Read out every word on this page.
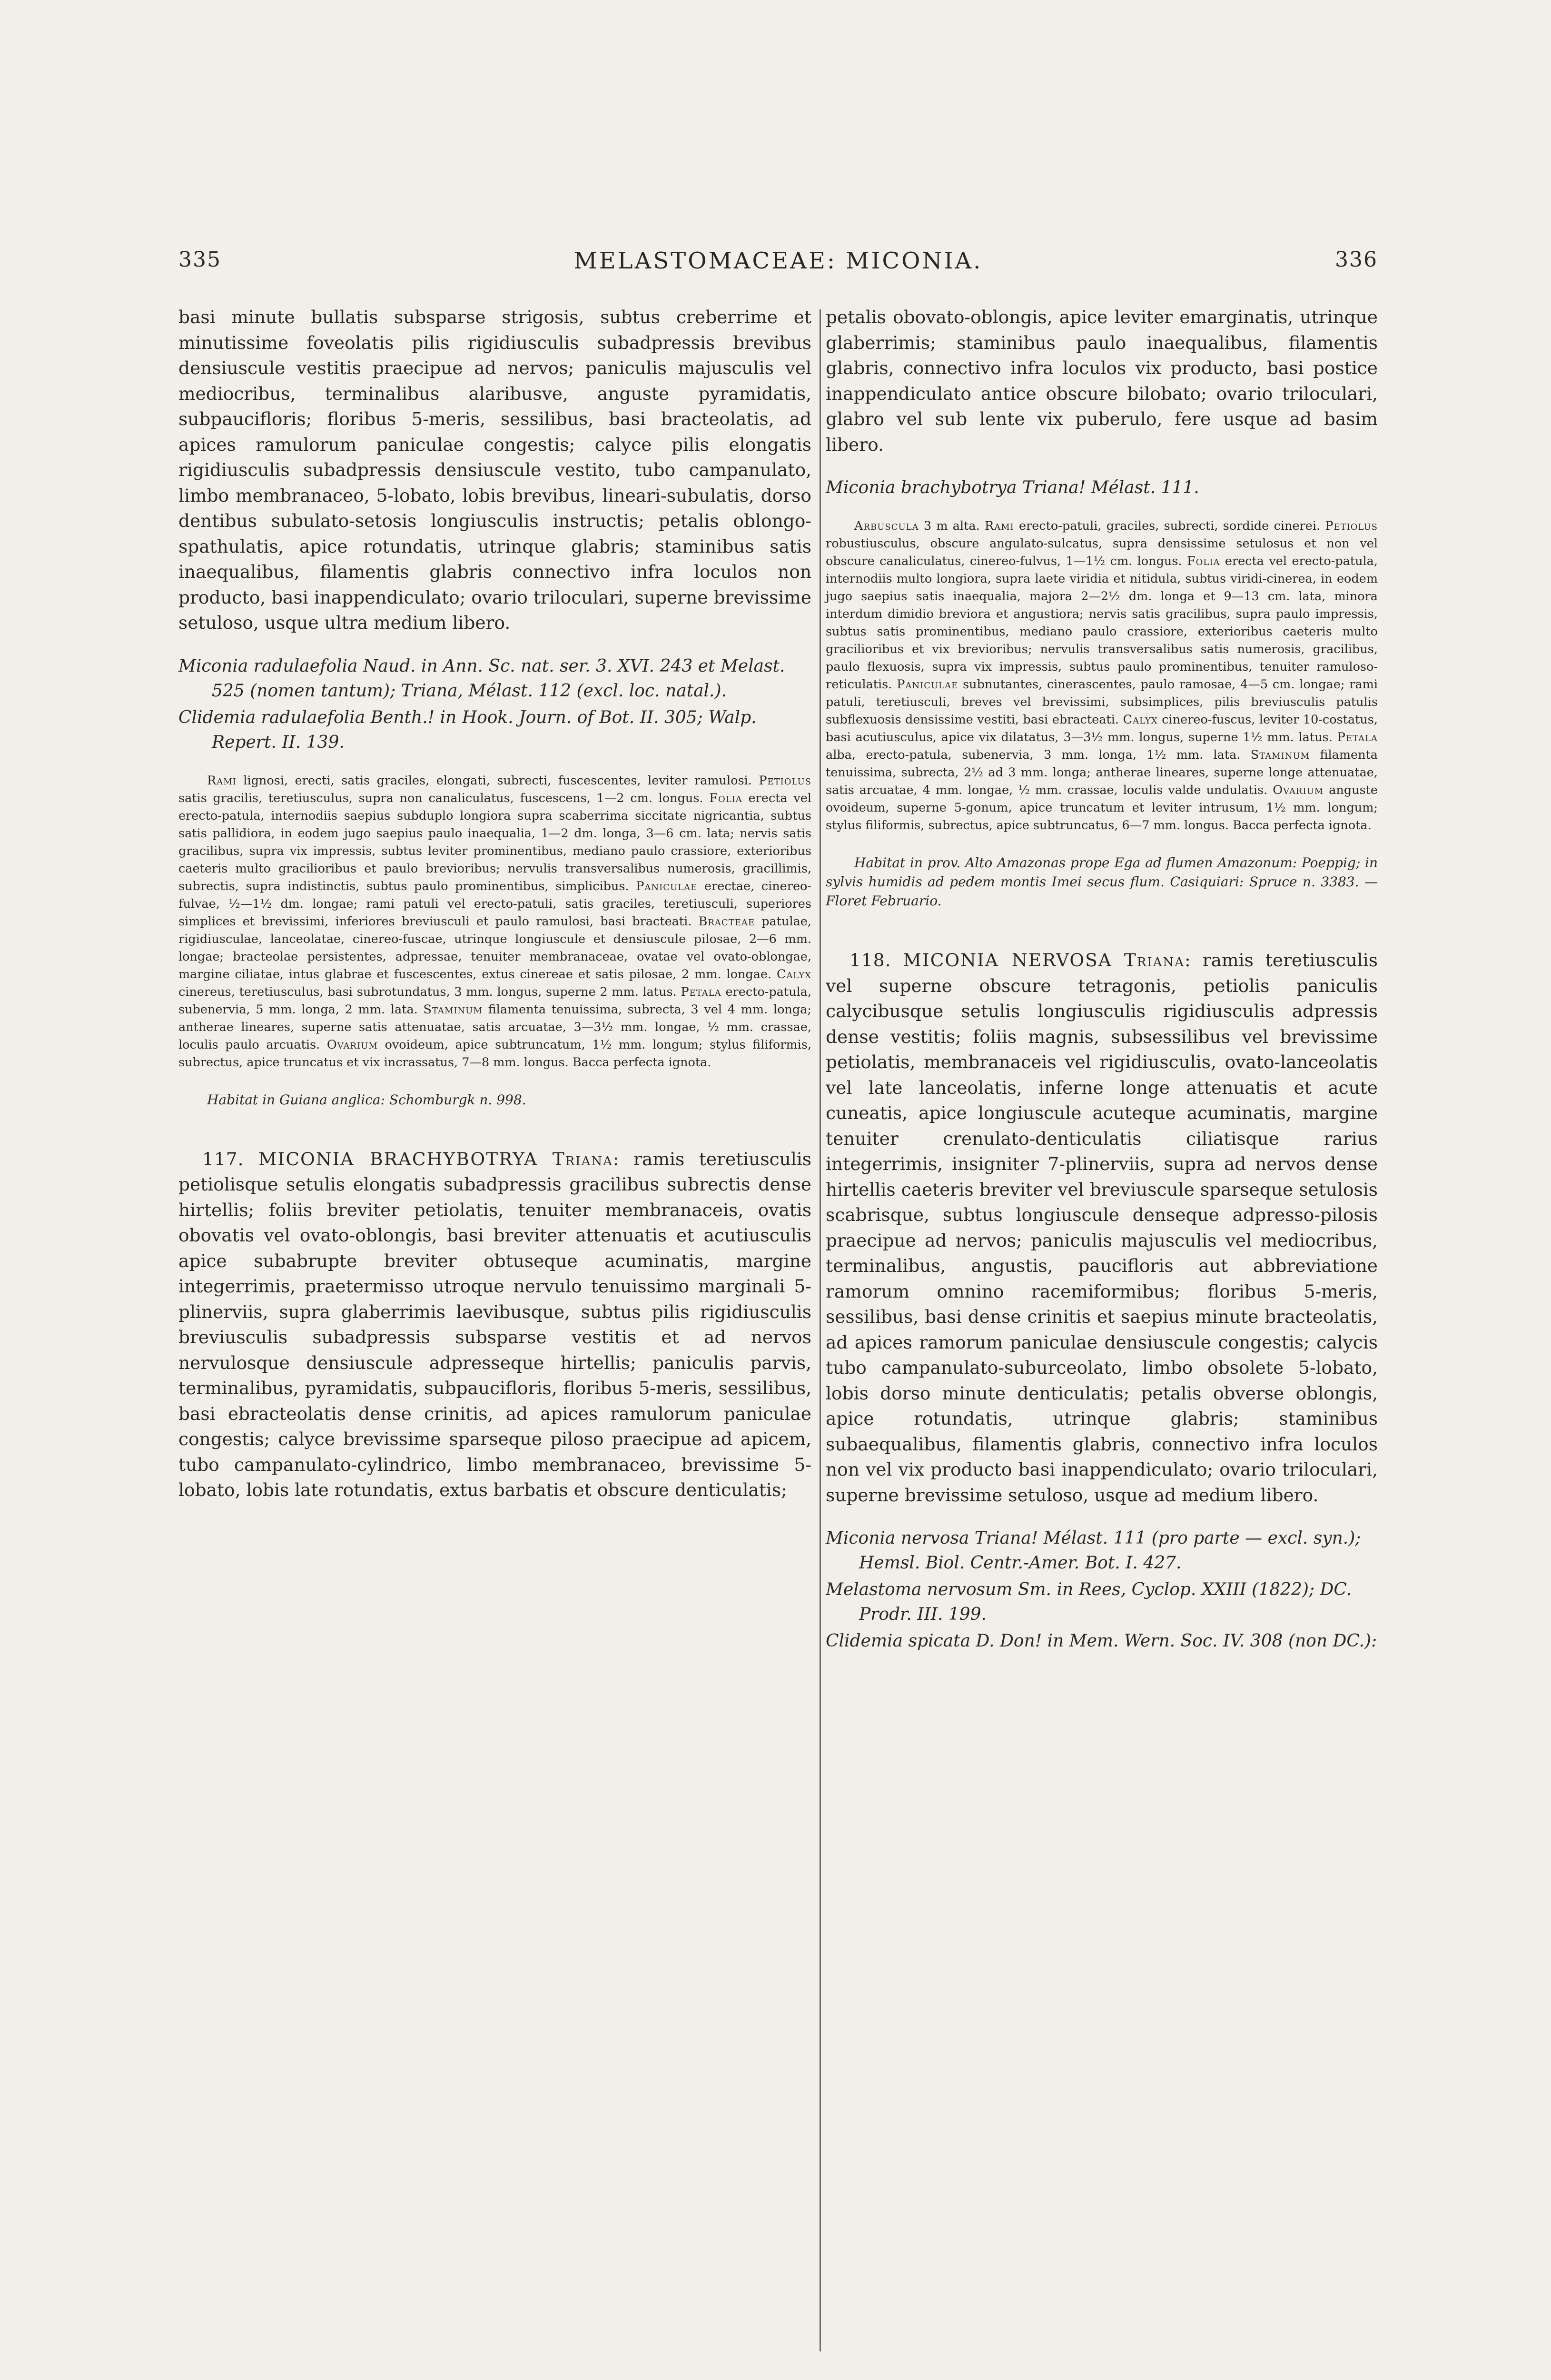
335	MELASTOMACEAE: MICONIA.	336

basi minute bullatis subsparse strigosis, subtus creberrime et minutissime foveolatis pilis rigidiusculis subadpressis brevibus densiuscule vestitis praecipue ad nervos; paniculis majusculis vel mediocribus, terminalibus alaribusve, anguste pyramidatis, subpaucifloris; floribus 5-meris, sessilibus, basi bracteolatis, ad apices ramulorum paniculae congestis; calyce pilis elongatis rigidiusculis subadpressis densiuscule vestito, tubo campanulato, limbo membranaceo, 5-lobato, lobis brevibus, lineari-subulatis, dorso dentibus subulato-setosis longiusculis instructis; petalis oblongo-spathulatis, apice rotundatis, utrinque glabris; staminibus satis inaequalibus, filamentis glabris connectivo infra loculos non producto, basi inappendiculato; ovario triloculari, superne brevissime setuloso, usque ultra medium libero.

Miconia radulaefolia Naud. in Ann. Sc. nat. ser. 3. XVI. 243 et Melast. 525 (nomen tantum); Triana, Mélast. 112 (excl. loc. natal.).
Clidemia radulaefolia Benth.! in Hook. Journ. of Bot. II. 305; Walp. Repert. II. 139.

Rami lignosi, erecti, satis graciles, elongati, subrecti, fuscescentes, leviter ramulosi. Petiolus satis gracilis, teretiusculus, supra non canaliculatus, fuscescens, 1—2 cm. longus. Folia erecta vel erecto-patula, internodiis saepius subduplo longiora supra scaberrima siccitate nigricantia, subtus satis pallidiora, in eodem jugo saepius paulo inaequalia, 1—2 dm. longa, 3—6 cm. lata; nervis satis gracilibus, supra vix impressis, subtus leviter prominentibus, mediano paulo crassiore, exterioribus caeteris multo gracilioribus et paulo brevioribus; nervulis transversalibus numerosis, gracillimis, subrectis, supra indistinctis, subtus paulo prominentibus, simplicibus. Paniculae erectae, cinereo-fulvae, ½—1½ dm. longae; rami patuli vel erecto-patuli, satis graciles, teretiusculi, superiores simplices et brevissimi, inferiores breviusculi et paulo ramulosi, basi bracteati. Bracteae patulae, rigidiusculae, lanceolatae, cinereo-fuscae, utrinque longiuscule et densiuscule pilosae, 2—6 mm. longae; bracteolae persistentes, adpressae, tenuiter membranaceae, ovatae vel ovato-oblongae, margine ciliatae, intus glabrae et fuscescentes, extus cinereae et satis pilosae, 2 mm. longae. Calyx cinereus, teretiusculus, basi subrotundatus, 3 mm. longus, superne 2 mm. latus. Petala erecto-patula, subenervia, 5 mm. longa, 2 mm. lata. Staminum filamenta tenuissima, subrecta, 3 vel 4 mm. longa; antherae lineares, superne satis attenuatae, satis arcuatae, 3—3½ mm. longae, ½ mm. crassae, loculis paulo arcuatis. Ovarium ovoideum, apice subtruncatum, 1½ mm. longum; stylus filiformis, subrectus, apice truncatus et vix incrassatus, 7—8 mm. longus. Bacca perfecta ignota.

Habitat in Guiana anglica: Schomburgk n. 998.

117. MICONIA BRACHYBOTRYA Triana: ramis teretiusculis petiolisque setulis elongatis subadpressis gracilibus subrectis dense hirtellis; foliis breviter petiolatis, tenuiter membranaceis, ovatis obovatis vel ovato-oblongis, basi breviter attenuatis et acutiusculis apice subabrupte breviter obtuseque acuminatis, margine integerrimis, praetermisso utroque nervulo tenuissimo marginali 5-plinerviis, supra glaberrimis laevibusque, subtus pilis rigidiusculis breviusculis subadpressis subsparse vestitis et ad nervos nervulosque densiuscule adpresseque hirtellis; paniculis parvis, terminalibus, pyramidatis, subpaucifloris, floribus 5-meris, sessilibus, basi ebracteolatis dense crinitis, ad apices ramulorum paniculae congestis; calyce brevissime sparseque piloso praecipue ad apicem, tubo campanulato-cylindrico, limbo membranaceo, brevissime 5-lobato, lobis late rotundatis, extus barbatis et obscure denticulatis;

petalis obovato-oblongis, apice leviter emarginatis, utrinque glaberrimis; staminibus paulo inaequalibus, filamentis glabris, connectivo infra loculos vix producto, basi postice inappendiculato antice obscure bilobato; ovario triloculari, glabro vel sub lente vix puberulo, fere usque ad basim libero.

Miconia brachybotrya Triana! Mélast. 111.

Arbuscula 3 m alta. Rami erecto-patuli, graciles, subrecti, sordide cinerei. Petiolus robustiusculus, obscure angulato-sulcatus, supra densissime setulosus et non vel obscure canaliculatus, cinereo-fulvus, 1—1½ cm. longus. Folia erecta vel erecto-patula, internodiis multo longiora, supra laete viridia et nitidula, subtus viridi-cinerea, in eodem jugo saepius satis inaequalia, majora 2—2½ dm. longa et 9—13 cm. lata, minora interdum dimidio breviora et angustiora; nervis satis gracilibus, supra paulo impressis, subtus satis prominentibus, mediano paulo crassiore, exterioribus caeteris multo gracilioribus et vix brevioribus; nervulis transversalibus satis numerosis, gracilibus, paulo flexuosis, supra vix impressis, subtus paulo prominentibus, tenuiter ramuloso-reticulatis. Paniculae subnutantes, cinerascentes, paulo ramosae, 4—5 cm. longae; rami patuli, teretiusculi, breves vel brevissimi, subsimplices, pilis breviusculis patulis subflexuosis densissime vestiti, basi ebracteati. Calyx cinereo-fuscus, leviter 10-costatus, basi acutiusculus, apice vix dilatatus, 3—3½ mm. longus, superne 1½ mm. latus. Petala alba, erecto-patula, subenervia, 3 mm. longa, 1½ mm. lata. Staminum filamenta tenuissima, subrecta, 2½ ad 3 mm. longa; antherae lineares, superne longe attenuatae, satis arcuatae, 4 mm. longae, ½ mm. crassae, loculis valde undulatis. Ovarium anguste ovoideum, superne 5-gonum, apice truncatum et leviter intrusum, 1½ mm. longum; stylus filiformis, subrectus, apice subtruncatus, 6—7 mm. longus. Bacca perfecta ignota.

Habitat in prov. Alto Amazonas prope Ega ad flumen Amazonum: Poeppig; in sylvis humidis ad pedem montis Imei secus flum. Casiquiari: Spruce n. 3383. — Floret Februario.

118. MICONIA NERVOSA Triana: ramis teretiusculis vel superne obscure tetragonis, petiolis paniculis calycibusque setulis longiusculis rigidiusculis adpressis dense vestitis; foliis magnis, subsessilibus vel brevissime petiolatis, membranaceis vel rigidiusculis, ovato-lanceolatis vel late lanceolatis, inferne longe attenuatis et acute cuneatis, apice longiuscule acuteque acuminatis, margine tenuiter crenulato-denticulatis ciliatisque rarius integerrimis, insigniter 7-plinerviis, supra ad nervos dense hirtellis caeteris breviter vel breviuscule sparseque setulosis scabrisque, subtus longiuscule denseque adpresso-pilosis praecipue ad nervos; paniculis majusculis vel mediocribus, terminalibus, angustis, paucifloris aut abbreviatione ramorum omnino racemiformibus; floribus 5-meris, sessilibus, basi dense crinitis et saepius minute bracteolatis, ad apices ramorum paniculae densiuscule congestis; calycis tubo campanulato-suburceolato, limbo obsolete 5-lobato, lobis dorso minute denticulatis; petalis obverse oblongis, apice rotundatis, utrinque glabris; staminibus subaequalibus, filamentis glabris, connectivo infra loculos non vel vix producto basi inappendiculato; ovario triloculari, superne brevissime setuloso, usque ad medium libero.

Miconia nervosa Triana! Mélast. 111 (pro parte — excl. syn.); Hemsl. Biol. Centr.-Amer. Bot. I. 427.
Melastoma nervosum Sm. in Rees, Cyclop. XXIII (1822); DC. Prodr. III. 199.
Clidemia spicata D. Don! in Mem. Wern. Soc. IV. 308 (non DC.):
